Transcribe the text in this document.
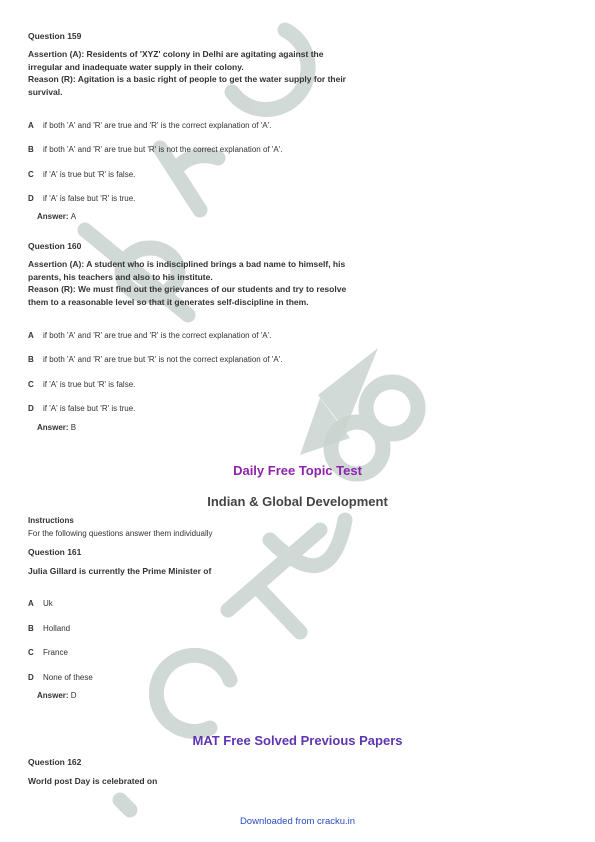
Question 159
Assertion (A): Residents of 'XYZ' colony in Delhi are agitating against the
irregular and inadequate water supply in their colony.
Reason (R): Agitation is a basic right of people to get the water supply for their
survival.
A if both 'A' and 'R' are true and 'R' is the correct explanation of 'A'.
B if both 'A' and 'R' are true but 'R' is not the correct explanation of 'A'.
C if 'A' is true but 'R' is false.
D if 'A' is false but 'R' is true.
Answer: A
Question 160
Assertion (A): A student who is indisciplined brings a bad name to himself, his
parents, his teachers and also to his institute.
Reason (R): We must find out the grievances of our students and try to resolve
them to a reasonable level so that it generates self-discipline in them.
A if both 'A' and 'R' are true and 'R' is the correct explanation of 'A'.
B if both 'A' and 'R' are true but 'R' is not the correct explanation of 'A'.
C if 'A' is true but 'R' is false.
D if 'A' is false but 'R' is true.
Answer: B
Daily Free Topic Test
Indian & Global Development
Instructions
For the following questions answer them individually
Question 161
Julia Gillard is currently the Prime Minister of
A Uk
B Holland
C France
D None of these
Answer: D
MAT Free Solved Previous Papers
Question 162
World post Day is celebrated on
Downloaded from cracku.in
